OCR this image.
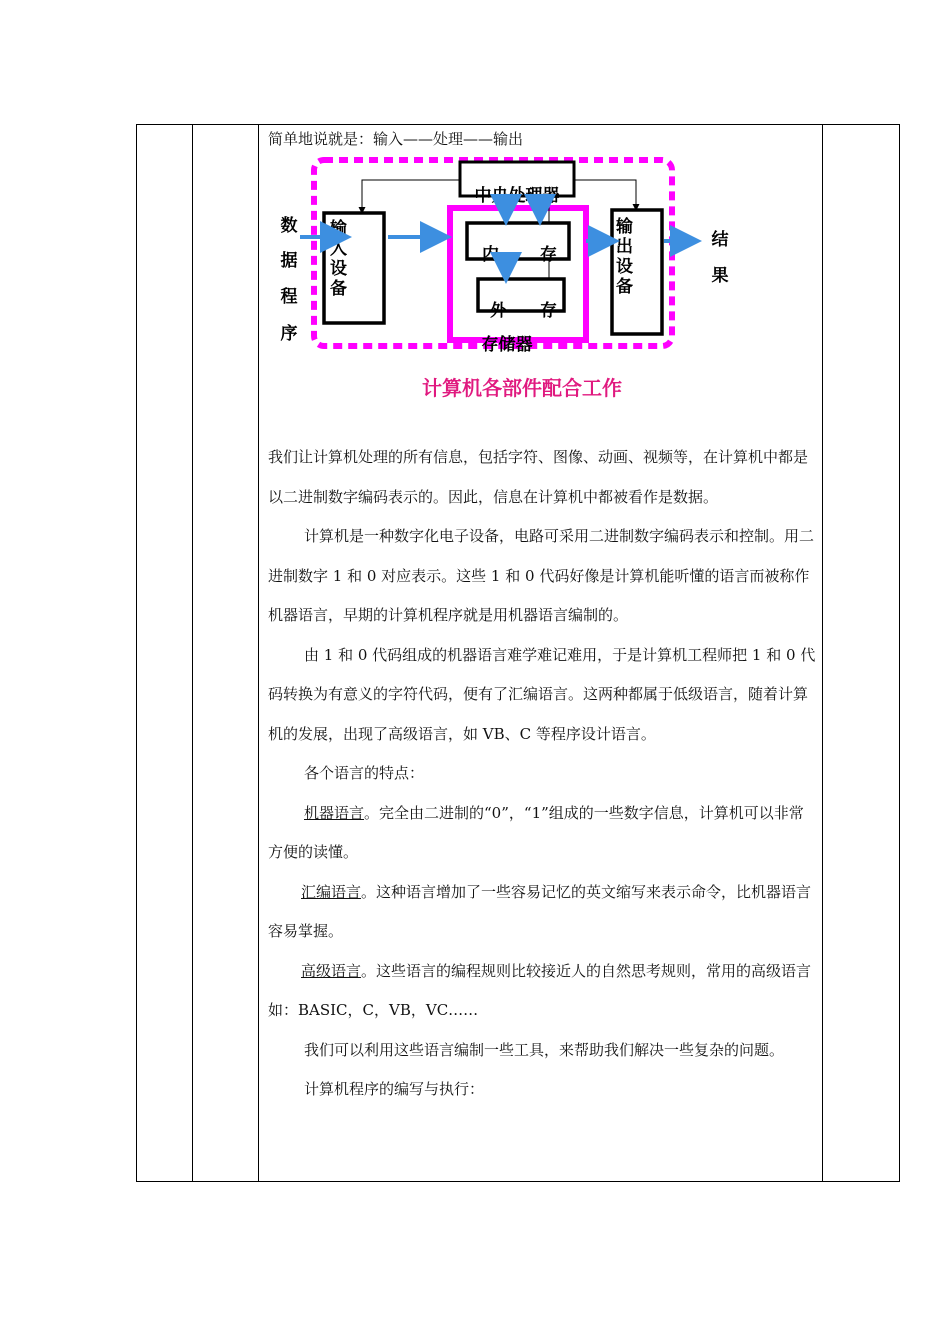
简单地说就是：输入——处理——输出
中央处理器
输
入
设
备
输
出
设
备
内 存
外 存
存储器
数
据
程
序
结
果
计算机各部件配合工作

我们让计算机处理的所有信息，包括字符、图像、动画、视频等，在计算机中都是以二进制数字编码表示的。因此，信息在计算机中都被看作是数据。

计算机是一种数字化电子设备，电路可采用二进制数字编码表示和控制。用二进制数字 1 和 0 对应表示。这些 1 和 0 代码好像是计算机能听懂的语言而被称作机器语言，早期的计算机程序就是用机器语言编制的。

由 1 和 0 代码组成的机器语言难学难记难用，于是计算机工程师把 1 和 0 代码转换为有意义的字符代码，便有了汇编语言。这两种都属于低级语言，随着计算机的发展，出现了高级语言，如 VB、C 等程序设计语言。

各个语言的特点：

机器语言。完全由二进制的“0”，“1”组成的一些数字信息，计算机可以非常方便的读懂。

汇编语言。这种语言增加了一些容易记忆的英文缩写来表示命令，比机器语言容易掌握。

高级语言。这些语言的编程规则比较接近人的自然思考规则，常用的高级语言如：BASIC，C，VB，VC……

我们可以利用这些语言编制一些工具，来帮助我们解决一些复杂的问题。

计算机程序的编写与执行：
